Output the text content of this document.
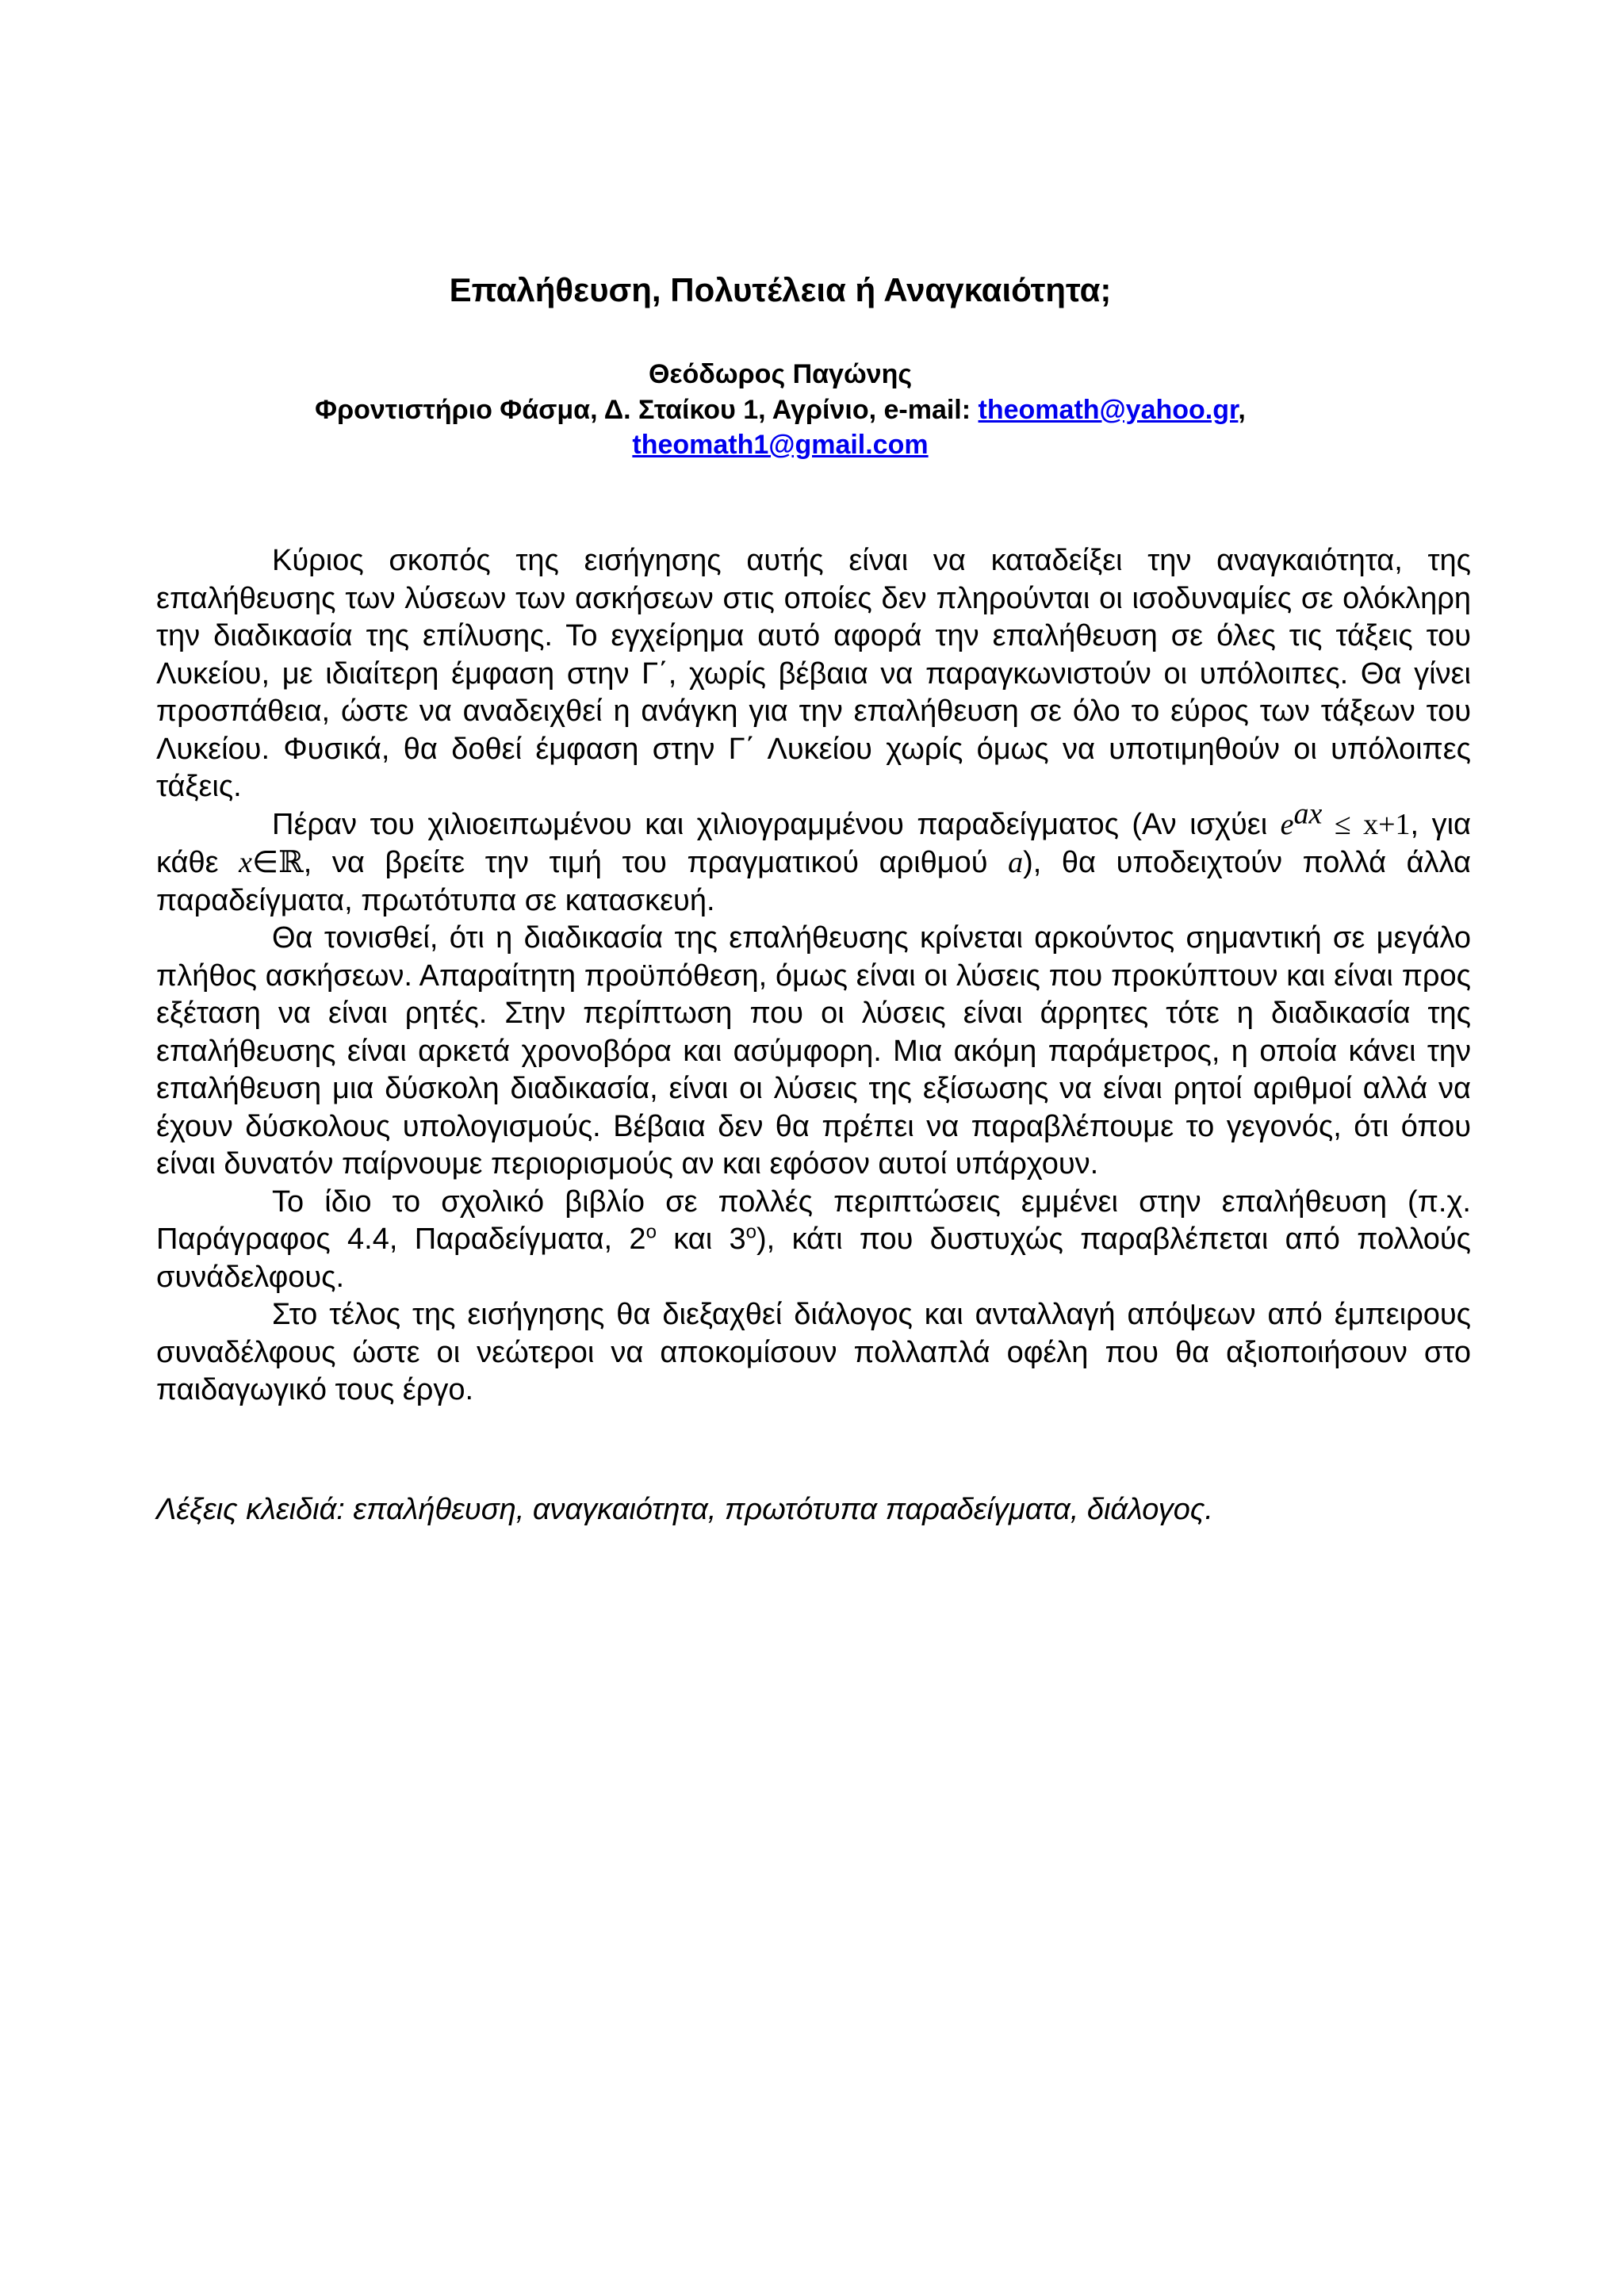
Επαλήθευση, Πολυτέλεια ή Αναγκαιότητα;

Θεόδωρος Παγώνης

Φροντιστήριο Φάσμα, Δ. Σταίκου 1, Αγρίνιο, e-mail: theomath@yahoo.gr,

theomath1@gmail.com

Κύριος σκοπός της εισήγησης αυτής είναι να καταδείξει την αναγκαιότητα, της επαλήθευσης των λύσεων των ασκήσεων στις οποίες δεν πληρούνται οι ισοδυναμίες σε ολόκληρη την διαδικασία της επίλυσης. Το εγχείρημα αυτό αφορά την επαλήθευση σε όλες τις τάξεις του Λυκείου, με ιδιαίτερη έμφαση στην Γ΄, χωρίς βέβαια να παραγκωνιστούν οι υπόλοιπες. Θα γίνει προσπάθεια, ώστε να αναδειχθεί η ανάγκη για την επαλήθευση σε όλο το εύρος των τάξεων του Λυκείου. Φυσικά, θα δοθεί έμφαση στην Γ΄ Λυκείου χωρίς όμως να υποτιμηθούν οι υπόλοιπες τάξεις.

Πέραν του χιλιοειπωμένου και χιλιογραμμένου παραδείγματος (Αν ισχύει $e^{ax} \le x+1$, για κάθε x∈ℝ, να βρείτε την τιμή του πραγματικού αριθμού a), θα υποδειχτούν πολλά άλλα παραδείγματα, πρωτότυπα σε κατασκευή.

Θα τονισθεί, ότι η διαδικασία της επαλήθευσης κρίνεται αρκούντος σημαντική σε μεγάλο πλήθος ασκήσεων. Απαραίτητη προϋπόθεση, όμως είναι οι λύσεις που προκύπτουν και είναι προς εξέταση να είναι ρητές. Στην περίπτωση που οι λύσεις είναι άρρητες τότε η διαδικασία της επαλήθευσης είναι αρκετά χρονοβόρα και ασύμφορη. Μια ακόμη παράμετρος, η οποία κάνει την επαλήθευση μια δύσκολη διαδικασία, είναι οι λύσεις της εξίσωσης να είναι ρητοί αριθμοί αλλά να έχουν δύσκολους υπολογισμούς. Βέβαια δεν θα πρέπει να παραβλέπουμε το γεγονός, ότι όπου είναι δυνατόν παίρνουμε περιορισμούς αν και εφόσον αυτοί υπάρχουν.

Το ίδιο το σχολικό βιβλίο σε πολλές περιπτώσεις εμμένει στην επαλήθευση (π.χ. Παράγραφος 4.4, Παραδείγματα, $2^o$ και $3^o$), κάτι που δυστυχώς παραβλέπεται από πολλούς συνάδελφους.

Στο τέλος της εισήγησης θα διεξαχθεί διάλογος και ανταλλαγή απόψεων από έμπειρους συναδέλφους ώστε οι νεώτεροι να αποκομίσουν πολλαπλά οφέλη που θα αξιοποιήσουν στο παιδαγωγικό τους έργο.

Λέξεις κλειδιά: επαλήθευση, αναγκαιότητα, πρωτότυπα παραδείγματα, διάλογος.
